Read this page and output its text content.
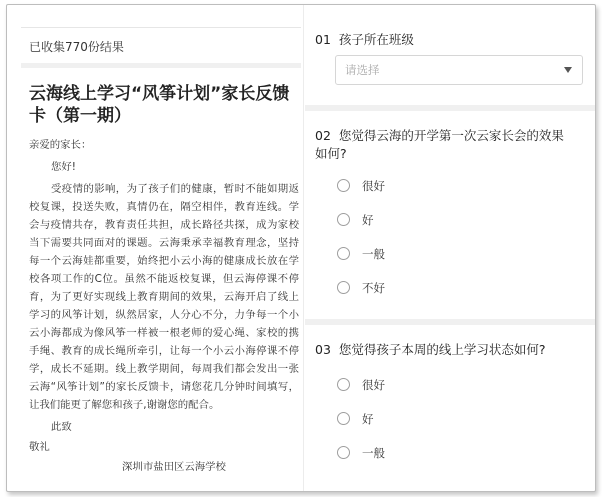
已收集770份结果
云海线上学习“风筝计划”家长反馈卡（第一期）

亲爱的家长：

您好!

受疫情的影响，为了孩子们的健康，暂时不能如期返校复课，投送失败，真情仍在，隔空相伴，教育连线。学会与疫情共存，教育责任共担，成长路径共探，成为家校当下需要共同面对的课题。云海秉承幸福教育理念，坚持每一个云海娃都重要，始终把小云小海的健康成长放在学校各项工作的C位。虽然不能返校复课，但云海停课不停育，为了更好实现线上教育期间的效果，云海开启了线上学习的风筝计划，纵然居家，人分心不分，力争每一个小云小海都成为像风筝一样被一根老师的爱心绳、家校的携手绳、教育的成长绳所牵引，让每一个小云小海停课不停学，成长不延期。线上教学期间，每周我们都会发出一张云海“风筝计划”的家长反馈卡，请您花几分钟时间填写，让我们能更了解您和孩子,谢谢您的配合。

此致

敬礼

深圳市盐田区云海学校

01 孩子所在班级
请选择
02 您觉得云海的开学第一次云家长会的效果如何?
很好
好
一般
不好
03 您觉得孩子本周的线上学习状态如何?
很好
好
一般
